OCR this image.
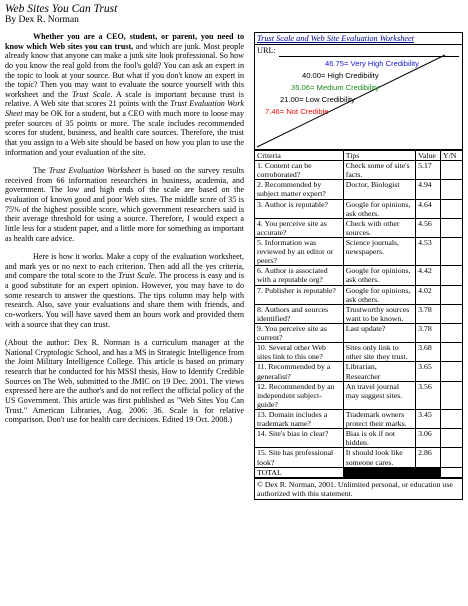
Web Sites You Can Trust
By Dex R. Norman

Whether you are a CEO, student, or parent, you need to know which Web sites you can trust, and which are junk. Most people already know that anyone can make a junk site look professional. So how do you know the real gold from the fool's gold? You can ask an expert in the topic to look at your source. But what if you don't know an expert in the topic? Then you may want to evaluate the source yourself with this worksheet and the Trust Scale. A scale is important because trust is relative. A Web site that scores 21 points with the Trust Evaluation Work Sheet may be OK for a student, but a CEO with much more to loose may prefer sources of 35 points or more. The scale includes recommended scores for student, business, and health care sources. Therefore, the trust that you assign to a Web site should be based on how you plan to use the information and your evaluation of the site.

The Trust Evaluation Worksheet is based on the survey results received from 66 information researchers in business, academia, and government. The low and high ends of the scale are based on the evaluation of known good and poor Web sites. The middle score of 35 is 75% of the highest possible score, which government researchers said is their average threshold for using a source. Therefore, I would expect a little less for a student paper, and a little more for something as important as health care advice.

Here is how it works. Make a copy of the evaluation worksheet, and mark yes or no next to each criterion. Then add all the yes criteria, and compare the total score to the Trust Scale. The process is easy and is a good substitute for an expert opinion. However, you may have to do some research to answer the questions. The tips column may help with research. Also, save your evaluations and share them with friends, and co-workers. You will have saved them an hours work and provided them with a source that they can trust.

(About the author: Dex R. Norman is a curriculum manager at the National Cryptologic School, and has a MS in Strategic Intelligence from the Joint Military Intelligence College. This article is based on primary research that he conducted for his MSSI thesis, How to Identify Credible Sources on The Web, submitted to the JMIC on 19 Dec. 2001. The views expressed here are the author's and do not reflect the official policy of the US Government. This article was first published as "Web Sites You Can Trust." American Libraries, Aug. 2006: 36. Scale is for relative comparison. Don't use for health care decisions. Edited 19 Oct. 2008.)

Trust Scale and Web Site Evaluation Worksheet
URL:
46.75= Very High Credibility
40.00= High Credibility
35.06= Medium Credibility
21.00= Low Credibility
7.46= Not Credible
Criteria	Tips	Value	Y/N
1. Content can be corroborated?	Check some of site's facts.	5.17	
2. Recommended by subject matter expert?	Doctor, Biologist	4.94	
3. Author is reputable?	Google for opinions, ask others.	4.64	
4. You perceive site as accurate?	Check with other sources.	4.56	
5. Information was reviewed by an editor or peers?	Science journals, newspapers.	4.53	
6. Author is associated with a reputable org?	Google for opinions, ask others.	4.42	
7. Publisher is reputable?	Google for opinions, ask others.	4.02	
8. Authors and sources identified?	Trustworthy sources want to be known.	3.78	
9. You perceive site as current?	Last update?	3.78	
10. Several other Web sites link to this one?	Sites only link to other site they trust.	3.68	
11. Recommended by a generalist?	Librarian, Researcher	3.65	
12. Recommended by an independent subject-guide?	An travel journal may suggest sites.	3.56	
13. Domain includes a trademark name?	Trademark owners protect their marks.	3.45	
14. Site's bias in clear?	Bias is ok if not hidden.	3.06	
15. Site has professional look?	It should look like someone cares.	2.86	
TOTAL			
© Dex R. Norman, 2001. Unlimited personal, or education use authorized with this statement.
